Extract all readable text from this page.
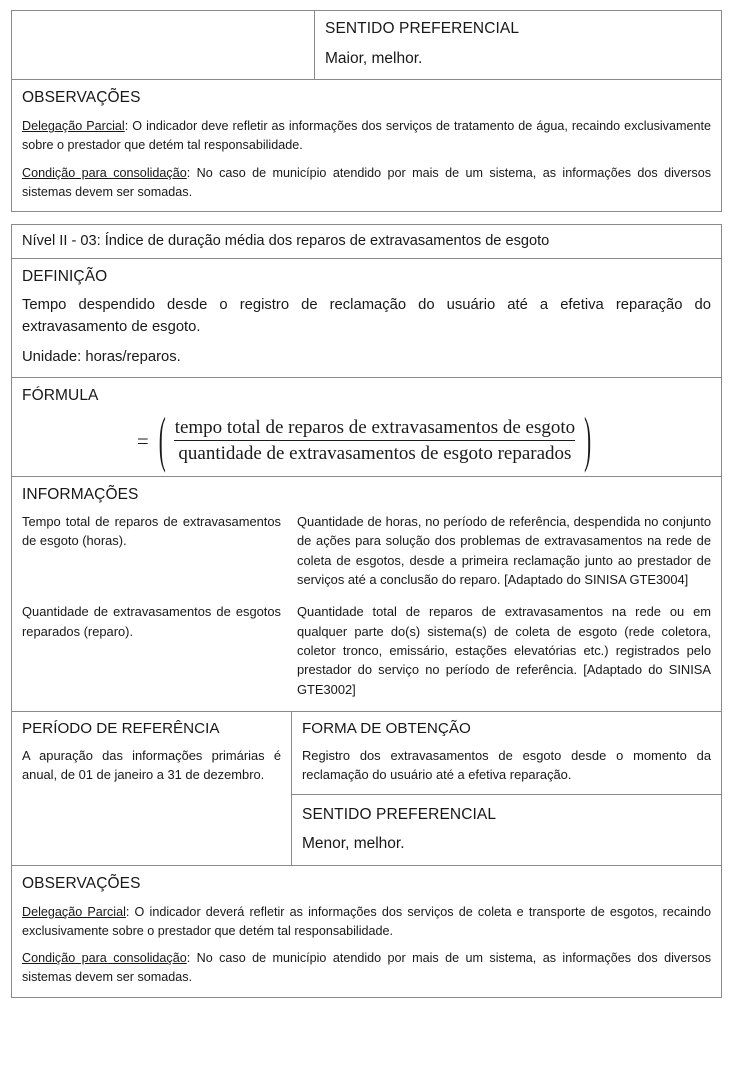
SENTIDO PREFERENCIAL
Maior, melhor.
OBSERVAÇÕES

Delegação Parcial: O indicador deve refletir as informações dos serviços de tratamento de água, recaindo exclusivamente sobre o prestador que detém tal responsabilidade.

Condição para consolidação: No caso de município atendido por mais de um sistema, as informações dos diversos sistemas devem ser somadas.

Nível II - 03: Índice de duração média dos reparos de extravasamentos de esgoto
DEFINIÇÃO

Tempo despendido desde o registro de reclamação do usuário até a efetiva reparação do extravasamento de esgoto.

Unidade: horas/reparos.

FÓRMULA
= ( $\frac{\text{tempo total de reparos de extravasamentos de esgoto}}{\text{quantidade de extravasamentos de esgoto reparados}}$ )
INFORMAÇÕES
Tempo total de reparos de extravasamentos de esgoto (horas).
Quantidade de horas, no período de referência, despendida no conjunto de ações para solução dos problemas de extravasamentos na rede de coleta de esgotos, desde a primeira reclamação junto ao prestador de serviços até a conclusão do reparo. [Adaptado do SINISA GTE3004]
Quantidade de extravasamentos de esgotos reparados (reparo).
Quantidade total de reparos de extravasamentos na rede ou em qualquer parte do(s) sistema(s) de coleta de esgoto (rede coletora, coletor tronco, emissário, estações elevatórias etc.) registrados pelo prestador do serviço no período de referência. [Adaptado do SINISA GTE3002]
PERÍODO DE REFERÊNCIA

A apuração das informações primárias é anual, de 01 de janeiro a 31 de dezembro.

FORMA DE OBTENÇÃO

Registro dos extravasamentos de esgoto desde o momento da reclamação do usuário até a efetiva reparação.

SENTIDO PREFERENCIAL
Menor, melhor.
OBSERVAÇÕES

Delegação Parcial: O indicador deverá refletir as informações dos serviços de coleta e transporte de esgotos, recaindo exclusivamente sobre o prestador que detém tal responsabilidade.

Condição para consolidação: No caso de município atendido por mais de um sistema, as informações dos diversos sistemas devem ser somadas.
